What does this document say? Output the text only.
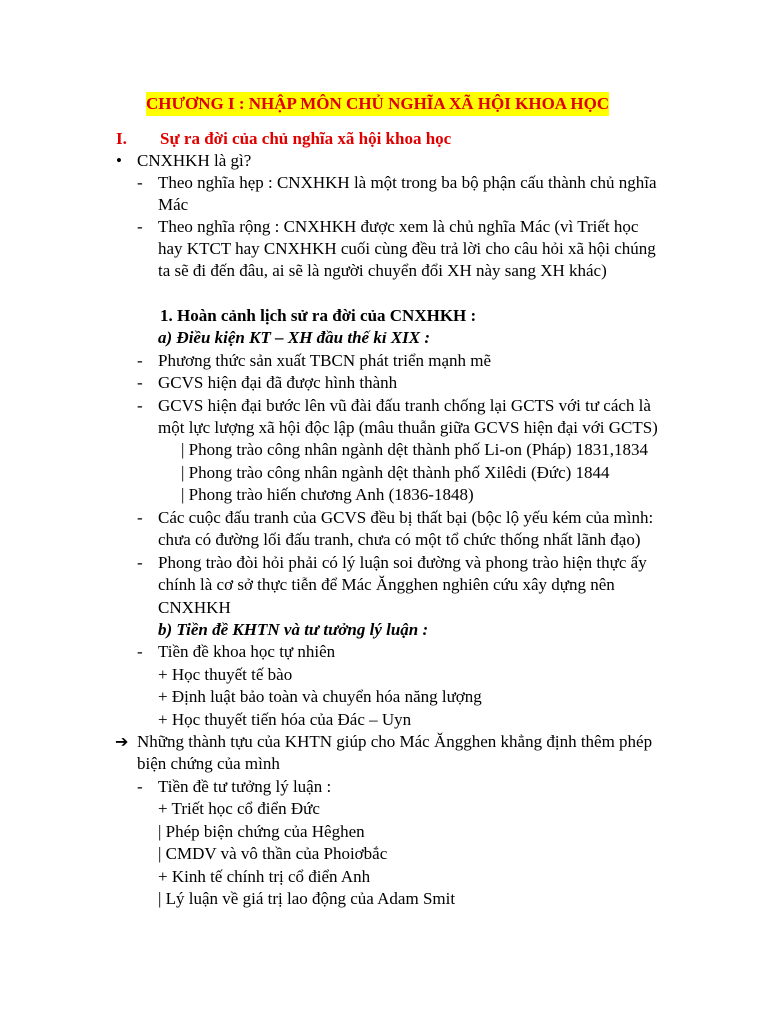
CHƯƠNG I : NHẬP MÔN CHỦ NGHĨA XÃ HỘI KHOA HỌC
I. Sự ra đời của chủ nghĩa xã hội khoa học
• CNXHKH là gì?
- Theo nghĩa hẹp : CNXHKH là một trong ba bộ phận cấu thành chủ nghĩa
Mác
- Theo nghĩa rộng : CNXHKH được xem là chủ nghĩa Mác (vì Triết học
hay KTCT hay CNXHKH cuối cùng đều trả lời cho câu hỏi xã hội chúng
ta sẽ đi đến đâu, ai sẽ là người chuyển đổi XH này sang XH khác)
1. Hoàn cảnh lịch sử ra đời của CNXHKH :
a) Điều kiện KT – XH đầu thế kỉ XIX :
- Phương thức sản xuất TBCN phát triển mạnh mẽ
- GCVS hiện đại đã được hình thành
- GCVS hiện đại bước lên vũ đài đấu tranh chống lại GCTS với tư cách là
một lực lượng xã hội độc lập (mâu thuẫn giữa GCVS hiện đại với GCTS)
| Phong trào công nhân ngành dệt thành phố Li-on (Pháp) 1831,1834
| Phong trào công nhân ngành dệt thành phố Xilêdi (Đức) 1844
| Phong trào hiến chương Anh (1836-1848)
- Các cuộc đấu tranh của GCVS đều bị thất bại (bộc lộ yếu kém của mình:
chưa có đường lối đấu tranh, chưa có một tổ chức thống nhất lãnh đạo)
- Phong trào đòi hỏi phải có lý luận soi đường và phong trào hiện thực ấy
chính là cơ sở thực tiễn để Mác Ăngghen nghiên cứu xây dựng nên
CNXHKH
b) Tiền đề KHTN và tư tưởng lý luận :
- Tiền đề khoa học tự nhiên
+ Học thuyết tế bào
+ Định luật bảo toàn và chuyển hóa năng lượng
+ Học thuyết tiến hóa của Đác – Uyn
➔ Những thành tựu của KHTN giúp cho Mác Ăngghen khẳng định thêm phép
biện chứng của mình
- Tiền đề tư tưởng lý luận :
+ Triết học cổ điển Đức
| Phép biện chứng của Hêghen
| CMDV và vô thần của Phoiơbắc
+ Kinh tế chính trị cổ điển Anh
| Lý luận về giá trị lao động của Adam Smit
